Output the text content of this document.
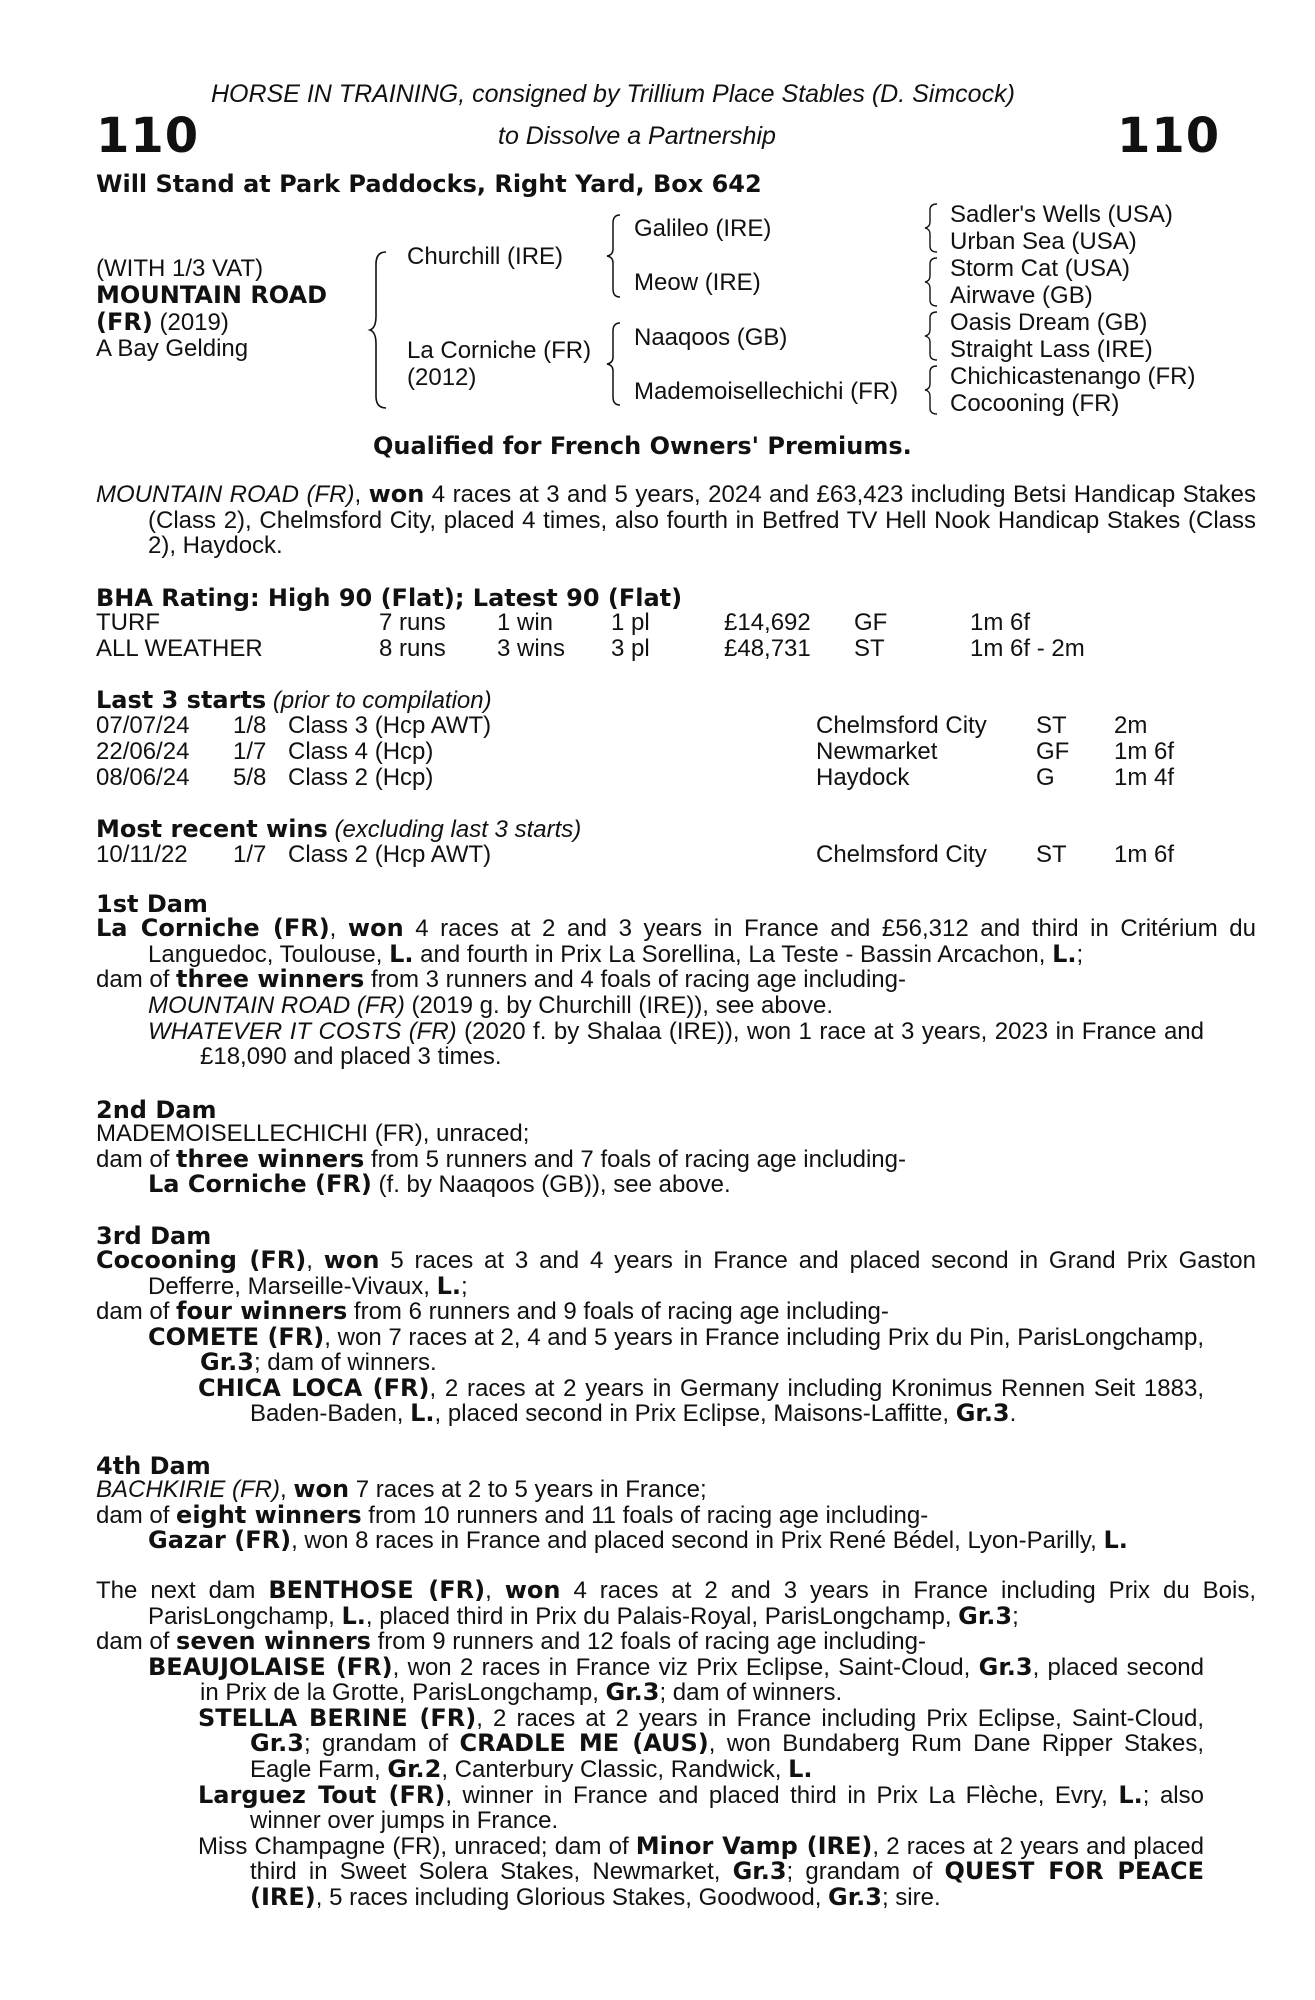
HORSE IN TRAINING, consigned by Trillium Place Stables (D. Simcock)
110	to Dissolve a Partnership	110
Will Stand at Park Paddocks, Right Yard, Box 642
(WITH 1/3 VAT)
MOUNTAIN ROAD
(FR) (2019)
A Bay Gelding
Churchill (IRE)
La Corniche (FR)
(2012)
Galileo (IRE)
Meow (IRE)
Naaqoos (GB)
Mademoisellechichi (FR)
Sadler's Wells (USA)
Urban Sea (USA)
Storm Cat (USA)
Airwave (GB)
Oasis Dream (GB)
Straight Lass (IRE)
Chichicastenango (FR)
Cocooning (FR)
Qualified for French Owners' Premiums.
MOUNTAIN ROAD (FR), won 4 races at 3 and 5 years, 2024 and £63,423 including Betsi Handicap Stakes (Class 2), Chelmsford City, placed 4 times, also fourth in Betfred TV Hell Nook Handicap Stakes (Class 2), Haydock.
BHA Rating: High 90 (Flat); Latest 90 (Flat)
TURF	7 runs 1 win 1 pl	£14,692 GF	1m 6f
ALL WEATHER	8 runs 3 wins 3 pl	£48,731 ST	1m 6f - 2m
Last 3 starts (prior to compilation)
07/07/24 1/8 Class 3 (Hcp AWT)	Chelmsford City ST 2m
22/06/24 1/7 Class 4 (Hcp)	Newmarket	GF 1m 6f
08/06/24 5/8 Class 2 (Hcp)	Haydock	G 1m 4f
Most recent wins (excluding last 3 starts)
10/11/22 1/7 Class 2 (Hcp AWT)	Chelmsford City ST 1m 6f
1st Dam
La Corniche (FR), won 4 races at 2 and 3 years in France and £56,312 and third in Critérium du Languedoc, Toulouse, L. and fourth in Prix La Sorellina, La Teste - Bassin Arcachon, L.;
dam of three winners from 3 runners and 4 foals of racing age including-
MOUNTAIN ROAD (FR) (2019 g. by Churchill (IRE)), see above.
WHATEVER IT COSTS (FR) (2020 f. by Shalaa (IRE)), won 1 race at 3 years, 2023 in France and £18,090 and placed 3 times.
2nd Dam
MADEMOISELLECHICHI (FR), unraced;
dam of three winners from 5 runners and 7 foals of racing age including-
La Corniche (FR) (f. by Naaqoos (GB)), see above.
3rd Dam
Cocooning (FR), won 5 races at 3 and 4 years in France and placed second in Grand Prix Gaston Defferre, Marseille-Vivaux, L.;
dam of four winners from 6 runners and 9 foals of racing age including-
COMETE (FR), won 7 races at 2, 4 and 5 years in France including Prix du Pin, ParisLongchamp, Gr.3; dam of winners.
CHICA LOCA (FR), 2 races at 2 years in Germany including Kronimus Rennen Seit 1883, Baden-Baden, L., placed second in Prix Eclipse, Maisons-Laffitte, Gr.3.
4th Dam
BACHKIRIE (FR), won 7 races at 2 to 5 years in France;
dam of eight winners from 10 runners and 11 foals of racing age including-
Gazar (FR), won 8 races in France and placed second in Prix René Bédel, Lyon-Parilly, L.
The next dam BENTHOSE (FR), won 4 races at 2 and 3 years in France including Prix du Bois, ParisLongchamp, L., placed third in Prix du Palais-Royal, ParisLongchamp, Gr.3;
dam of seven winners from 9 runners and 12 foals of racing age including-
BEAUJOLAISE (FR), won 2 races in France viz Prix Eclipse, Saint-Cloud, Gr.3, placed second in Prix de la Grotte, ParisLongchamp, Gr.3; dam of winners.
STELLA BERINE (FR), 2 races at 2 years in France including Prix Eclipse, Saint-Cloud, Gr.3; grandam of CRADLE ME (AUS), won Bundaberg Rum Dane Ripper Stakes, Eagle Farm, Gr.2, Canterbury Classic, Randwick, L.
Larguez Tout (FR), winner in France and placed third in Prix La Flèche, Evry, L.; also winner over jumps in France.
Miss Champagne (FR), unraced; dam of Minor Vamp (IRE), 2 races at 2 years and placed third in Sweet Solera Stakes, Newmarket, Gr.3; grandam of QUEST FOR PEACE (IRE), 5 races including Glorious Stakes, Goodwood, Gr.3; sire.
